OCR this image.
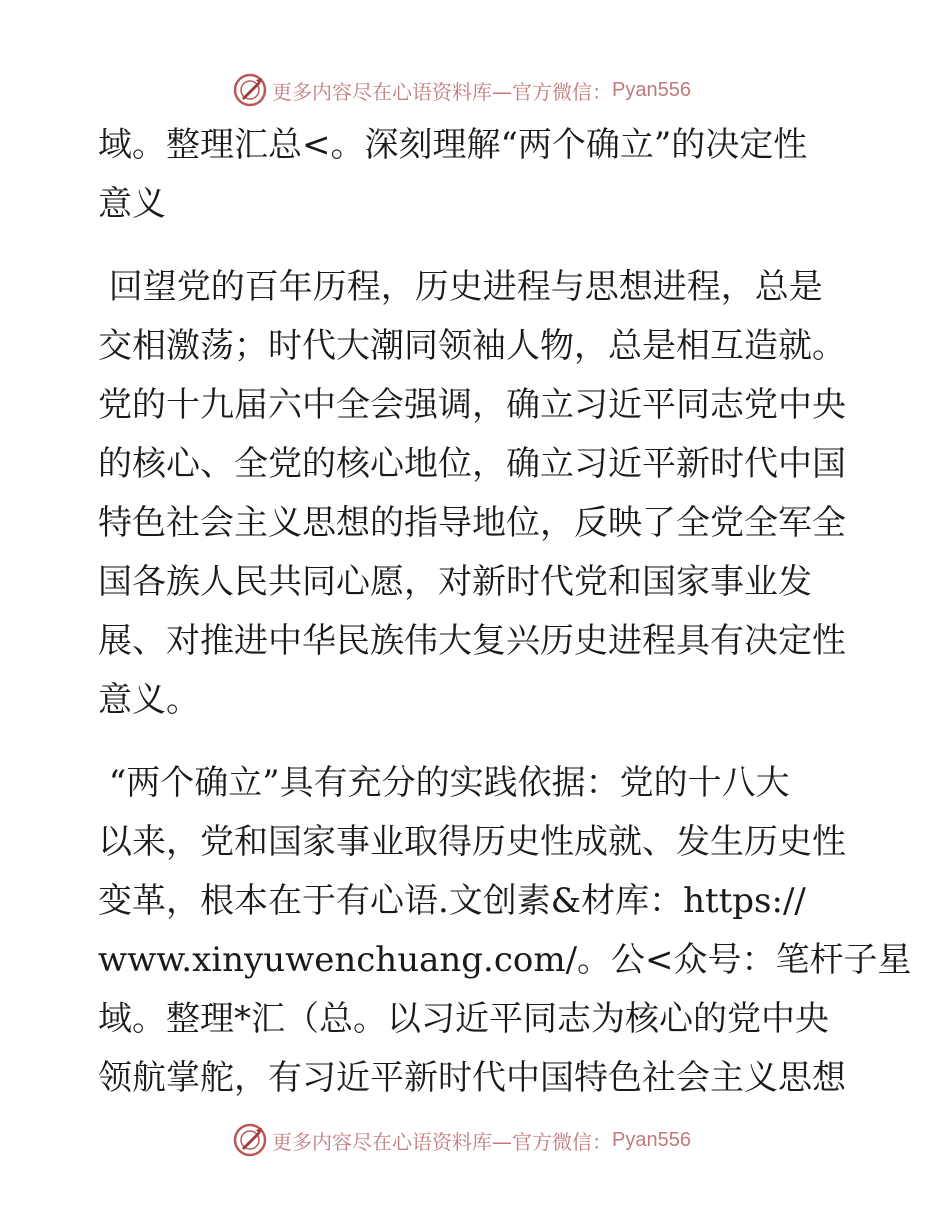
更多内容尽在心语资料库—官方微信： Pyan556
域。整理汇总<。深刻理解“两个确立”的决定性
意义
回望党的百年历程，历史进程与思想进程，总是
交相激荡；时代大潮同领袖人物，总是相互造就。
党的十九届六中全会强调，确立习近平同志党中央
的核心、全党的核心地位，确立习近平新时代中国
特色社会主义思想的指导地位，反映了全党全军全
国各族人民共同心愿，对新时代党和国家事业发
展、对推进中华民族伟大复兴历史进程具有决定性
意义。
“两个确立”具有充分的实践依据：党的十八大
以来，党和国家事业取得历史性成就、发生历史性
变革，根本在于有心语.文创素&材库：https://
www.xinyuwenchuang.com/。公<众号：笔杆子星
域。整理*汇（总。以习近平同志为核心的党中央
领航掌舵，有习近平新时代中国特色社会主义思想
更多内容尽在心语资料库—官方微信： Pyan556
